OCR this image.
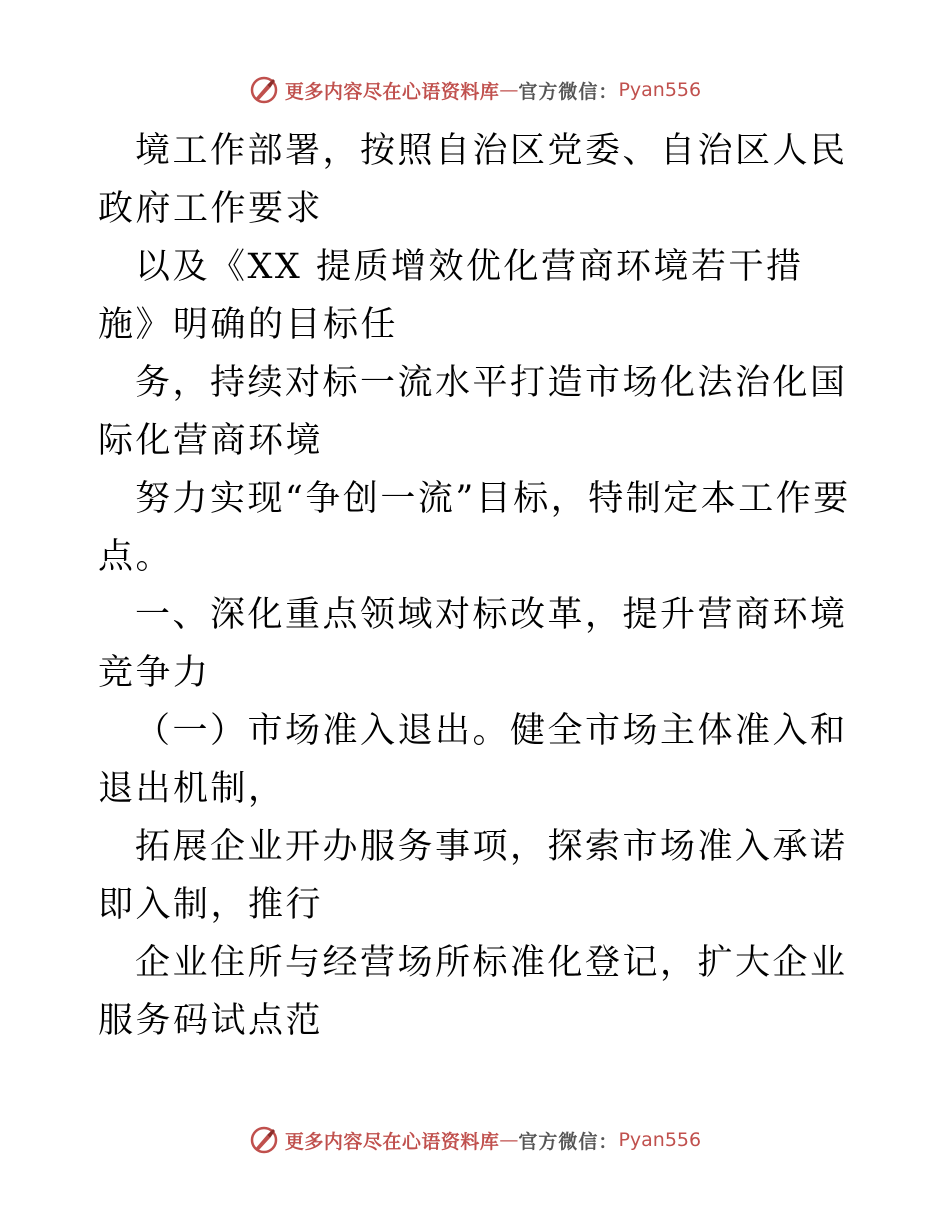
更多内容尽在心语资料库 — 官方微信： Pyan556

境工作部署，按照自治区党委、自治区人民政府工作要求

以及《XX 提质增效优化营商环境若干措施》明确的目标任

务，持续对标一流水平打造市场化法治化国际化营商环境

努力实现“争创一流”目标，特制定本工作要点。

一、深化重点领域对标改革，提升营商环境竞争力

（一）市场准入退出。健全市场主体准入和退出机制，

拓展企业开办服务事项，探索市场准入承诺即入制，推行

企业住所与经营场所标准化登记，扩大企业服务码试点范

更多内容尽在心语资料库 — 官方微信： Pyan556
